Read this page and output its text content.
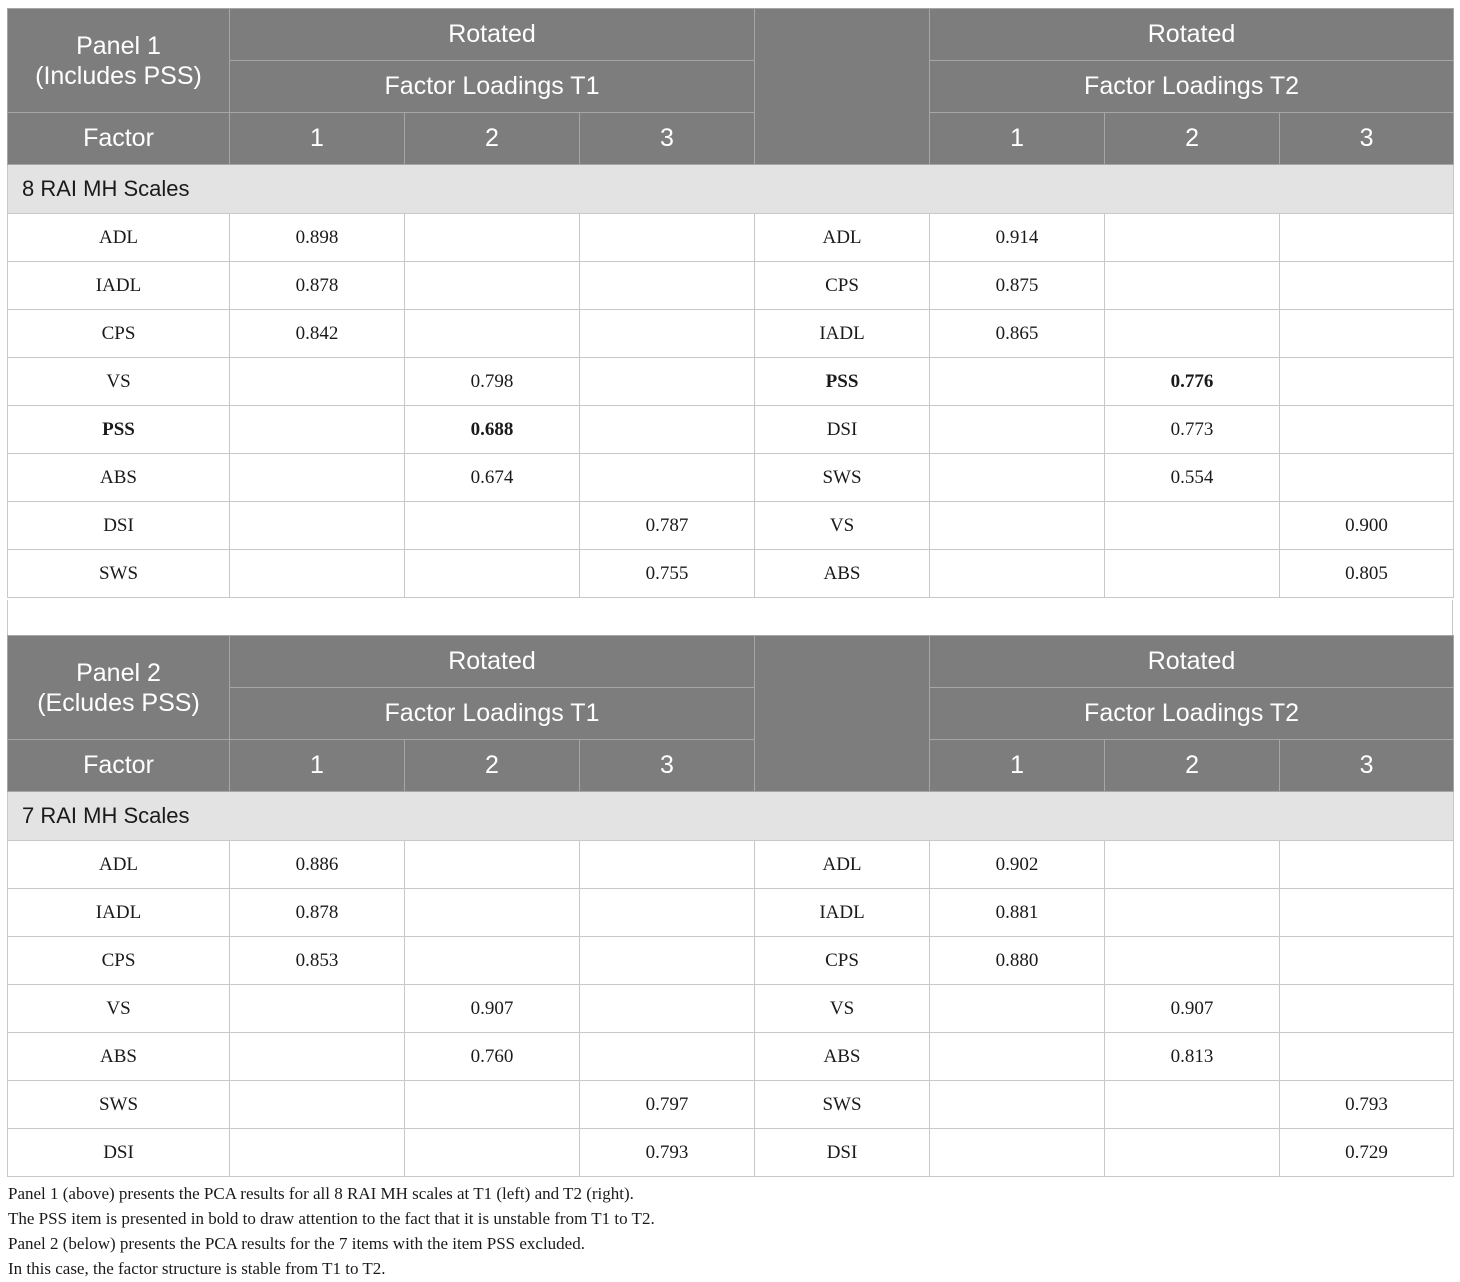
Panel 1
(Includes PSS)	Rotated				Rotated		
	Factor Loadings T1				Factor Loadings T2		
Factor	1	2	3		1	2	3
8 RAI MH Scales							
ADL	0.898			ADL	0.914		
IADL	0.878			CPS	0.875		
CPS	0.842			IADL	0.865		
VS		0.798		PSS		0.776	
PSS		0.688		DSI		0.773	
ABS		0.674		SWS		0.554	
DSI			0.787	VS			0.900
SWS			0.755	ABS			0.805
Panel 2
(Ecludes PSS)	Rotated				Rotated		
	Factor Loadings T1				Factor Loadings T2		
Factor	1	2	3		1	2	3
7 RAI MH Scales							
ADL	0.886			ADL	0.902		
IADL	0.878			IADL	0.881		
CPS	0.853			CPS	0.880		
VS		0.907		VS		0.907	
ABS		0.760		ABS		0.813	
SWS			0.797	SWS			0.793
DSI			0.793	DSI			0.729
Panel 1 (above) presents the PCA results for all 8 RAI MH scales at T1 (left) and T2 (right).
The PSS item is presented in bold to draw attention to the fact that it is unstable from T1 to T2.
Panel 2 (below) presents the PCA results for the 7 items with the item PSS excluded.
In this case, the factor structure is stable from T1 to T2.
